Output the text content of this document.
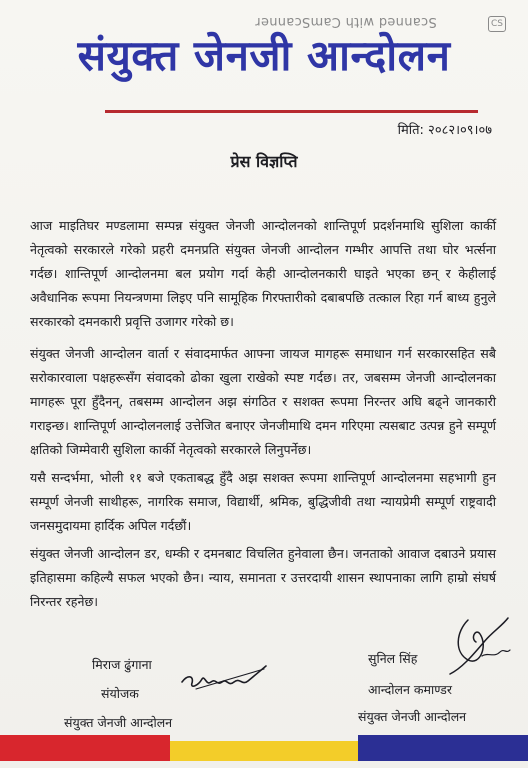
Scanned with CamScanner	CS
संयुक्त जेनजी आन्दोलन
मिति: २०८२।०९।०७
प्रेस विज्ञप्ति
आज माइतिघर मण्डलामा सम्पन्न संयुक्त जेनजी आन्दोलनको शान्तिपूर्ण प्रदर्शनमाथि सुशिला कार्की नेतृत्वको सरकारले गरेको प्रहरी दमनप्रति संयुक्त जेनजी आन्दोलन गम्भीर आपत्ति तथा घोर भर्त्सना गर्दछ। शान्तिपूर्ण आन्दोलनमा बल प्रयोग गर्दा केही आन्दोलनकारी घाइते भएका छन् र केहीलाई अवैधानिक रूपमा नियन्त्रणमा लिइए पनि सामूहिक गिरफ्तारीको दबाबपछि तत्काल रिहा गर्न बाध्य हुनुले सरकारको दमनकारी प्रवृत्ति उजागर गरेको छ।
संयुक्त जेनजी आन्दोलन वार्ता र संवादमार्फत आफ्ना जायज मागहरू समाधान गर्न सरकारसहित सबै सरोकारवाला पक्षहरूसँग संवादको ढोका खुला राखेको स्पष्ट गर्दछ। तर, जबसम्म जेनजी आन्दोलनका मागहरू पूरा हुँदैनन्, तबसम्म आन्दोलन अझ संगठित र सशक्त रूपमा निरन्तर अघि बढ्ने जानकारी गराइन्छ। शान्तिपूर्ण आन्दोलनलाई उत्तेजित बनाएर जेनजीमाथि दमन गरिएमा त्यसबाट उत्पन्न हुने सम्पूर्ण क्षतिको जिम्मेवारी सुशिला कार्की नेतृत्वको सरकारले लिनुपर्नेछ।
यसै सन्दर्भमा, भोली ११ बजे एकताबद्ध हुँदै अझ सशक्त रूपमा शान्तिपूर्ण आन्दोलनमा सहभागी हुन सम्पूर्ण जेनजी साथीहरू, नागरिक समाज, विद्यार्थी, श्रमिक, बुद्धिजीवी तथा न्यायप्रेमी सम्पूर्ण राष्ट्रवादी जनसमुदायमा हार्दिक अपिल गर्दछौं।
संयुक्त जेनजी आन्दोलन डर, धम्की र दमनबाट विचलित हुनेवाला छैन। जनताको आवाज दबाउने प्रयास इतिहासमा कहिल्यै सफल भएको छैन। न्याय, समानता र उत्तरदायी शासन स्थापनाका लागि हाम्रो संघर्ष निरन्तर रहनेछ।
मिराज ढुंगाना
संयोजक
संयुक्त जेनजी आन्दोलन
सुनिल सिंह
आन्दोलन कमाण्डर
संयुक्त जेनजी आन्दोलन
